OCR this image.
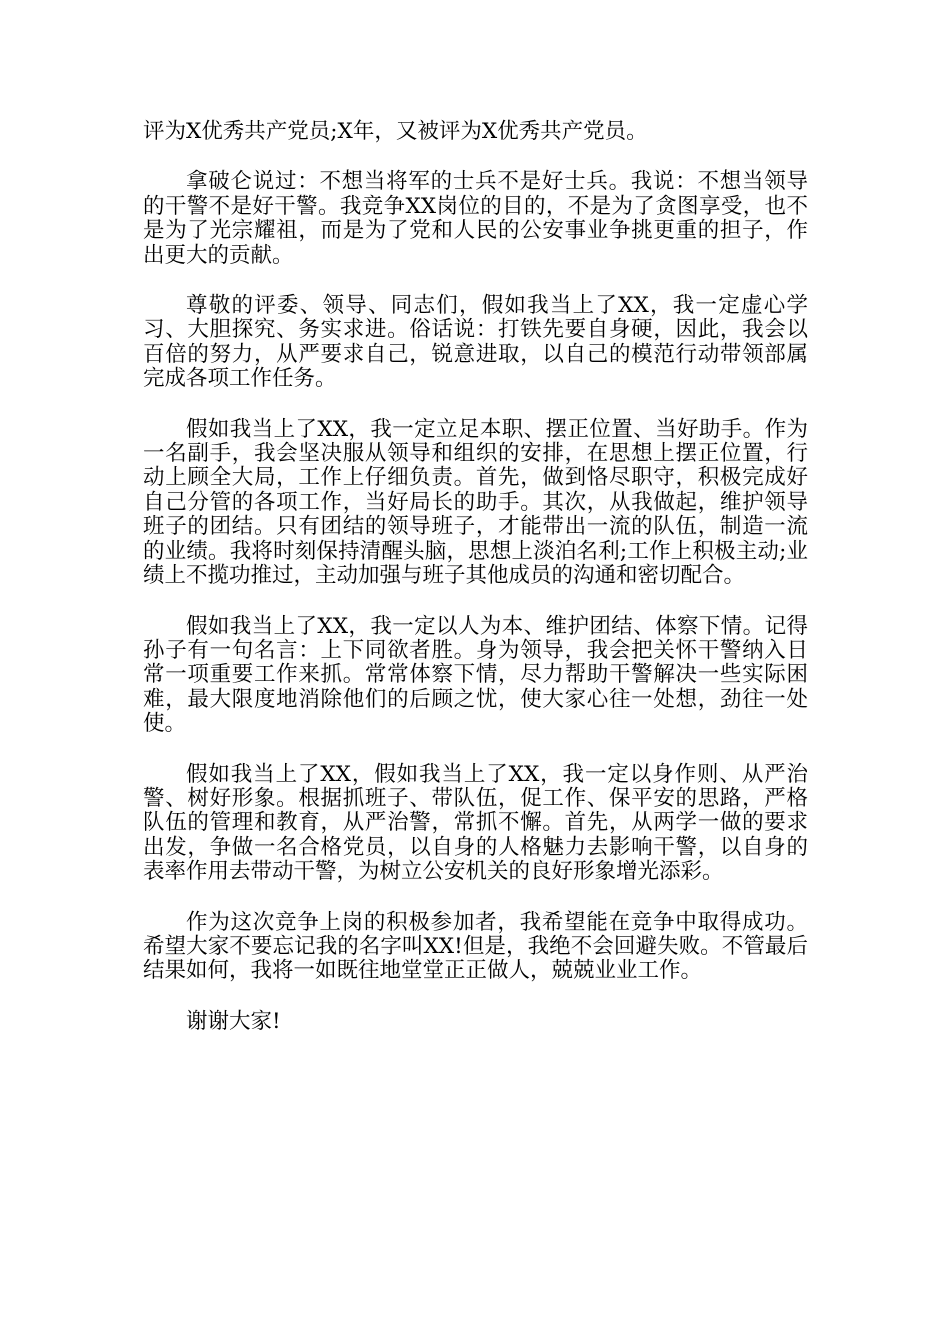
评为X优秀共产党员;X年，又被评为X优秀共产党员。

拿破仑说过：不想当将军的士兵不是好士兵。我说：不想当领导的干警不是好干警。我竞争XX岗位的目的，不是为了贪图享受，也不是为了光宗耀祖，而是为了党和人民的公安事业争挑更重的担子，作出更大的贡献。

尊敬的评委、领导、同志们，假如我当上了XX，我一定虚心学习、大胆探究、务实求进。俗话说：打铁先要自身硬，因此，我会以百倍的努力，从严要求自己，锐意进取，以自己的模范行动带领部属完成各项工作任务。

假如我当上了XX，我一定立足本职、摆正位置、当好助手。作为一名副手，我会坚决服从领导和组织的安排，在思想上摆正位置，行动上顾全大局，工作上仔细负责。首先，做到恪尽职守，积极完成好自己分管的各项工作，当好局长的助手。其次，从我做起，维护领导班子的团结。只有团结的领导班子，才能带出一流的队伍，制造一流的业绩。我将时刻保持清醒头脑，思想上淡泊名利;工作上积极主动;业绩上不揽功推过，主动加强与班子其他成员的沟通和密切配合。

假如我当上了XX，我一定以人为本、维护团结、体察下情。记得孙子有一句名言：上下同欲者胜。身为领导，我会把关怀干警纳入日常一项重要工作来抓。常常体察下情，尽力帮助干警解决一些实际困难，最大限度地消除他们的后顾之忧，使大家心往一处想，劲往一处使。

假如我当上了XX，假如我当上了XX，我一定以身作则、从严治警、树好形象。根据抓班子、带队伍，促工作、保平安的思路，严格队伍的管理和教育，从严治警，常抓不懈。首先，从两学一做的要求出发，争做一名合格党员，以自身的人格魅力去影响干警，以自身的表率作用去带动干警，为树立公安机关的良好形象增光添彩。

作为这次竞争上岗的积极参加者，我希望能在竞争中取得成功。希望大家不要忘记我的名字叫XX!但是，我绝不会回避失败。不管最后结果如何，我将一如既往地堂堂正正做人，兢兢业业工作。

谢谢大家!
